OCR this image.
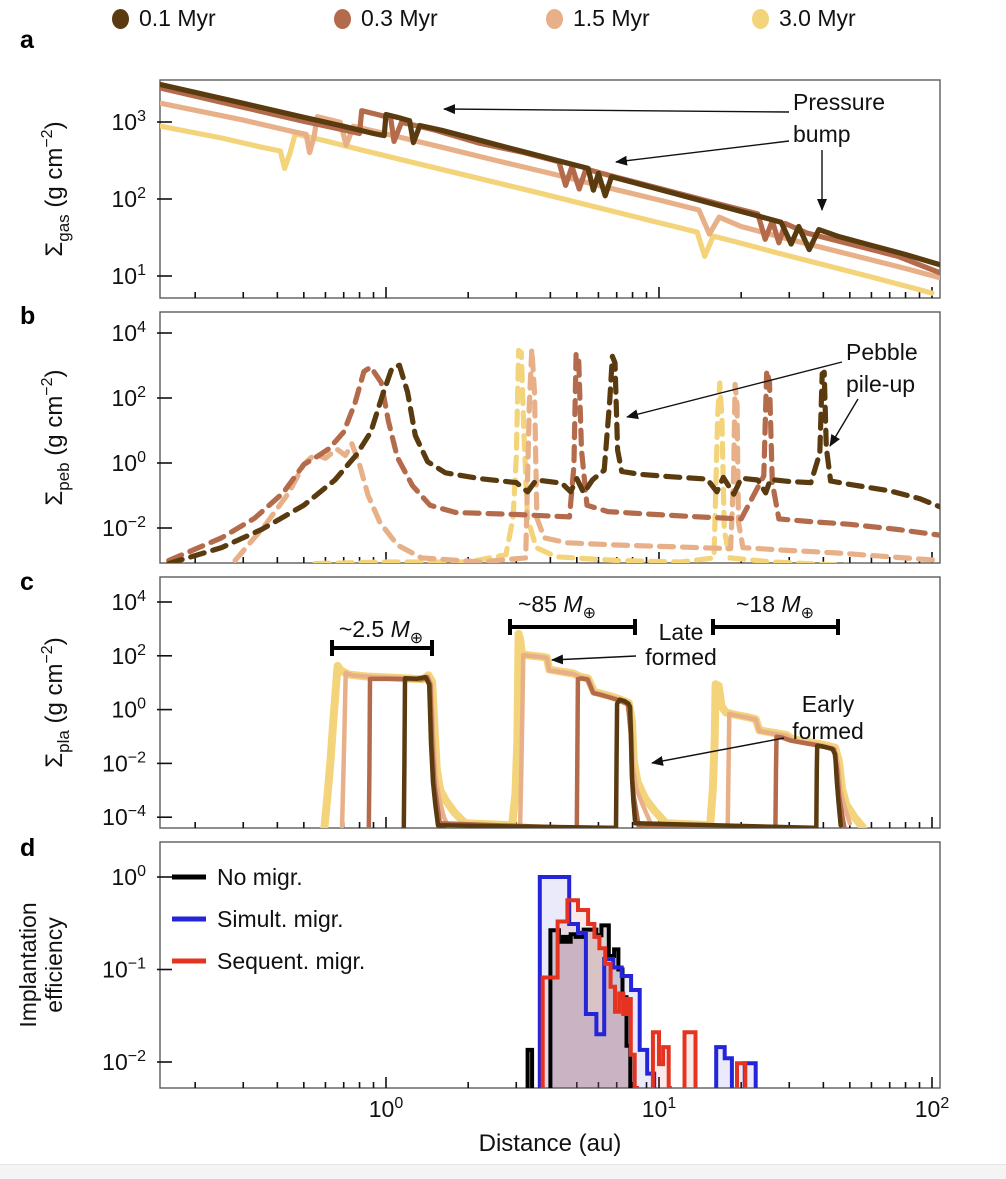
0.1 Myr	0.3 Myr	1.5 Myr	3.0 Myr
a
b
c
d
$10^3$
$10^2$
$10^1$
$\Sigma_{gas}$ (g $cm^{-2}$)
$10^4$
$10^2$
$10^0$
$10^{-2}$
$\Sigma_{peb}$ (g $cm^{-2}$)
$10^4$
$10^2$
$10^0$
$10^{-2}$
$10^{-4}$
$\Sigma_{pla}$ (g $cm^{-2}$)
$10^0$
$10^{-1}$
$10^{-2}$
Implantation efficiency
$10^0$	$10^1$	$10^2$
Distance (au)
Pressure
bump
Pebble
pile-up
~2.5 $M_\oplus$
~85 $M_\oplus$	~18 $M_\oplus$
Late
formed
Early
formed
No migr.
Simult. migr.
Sequent. migr.
